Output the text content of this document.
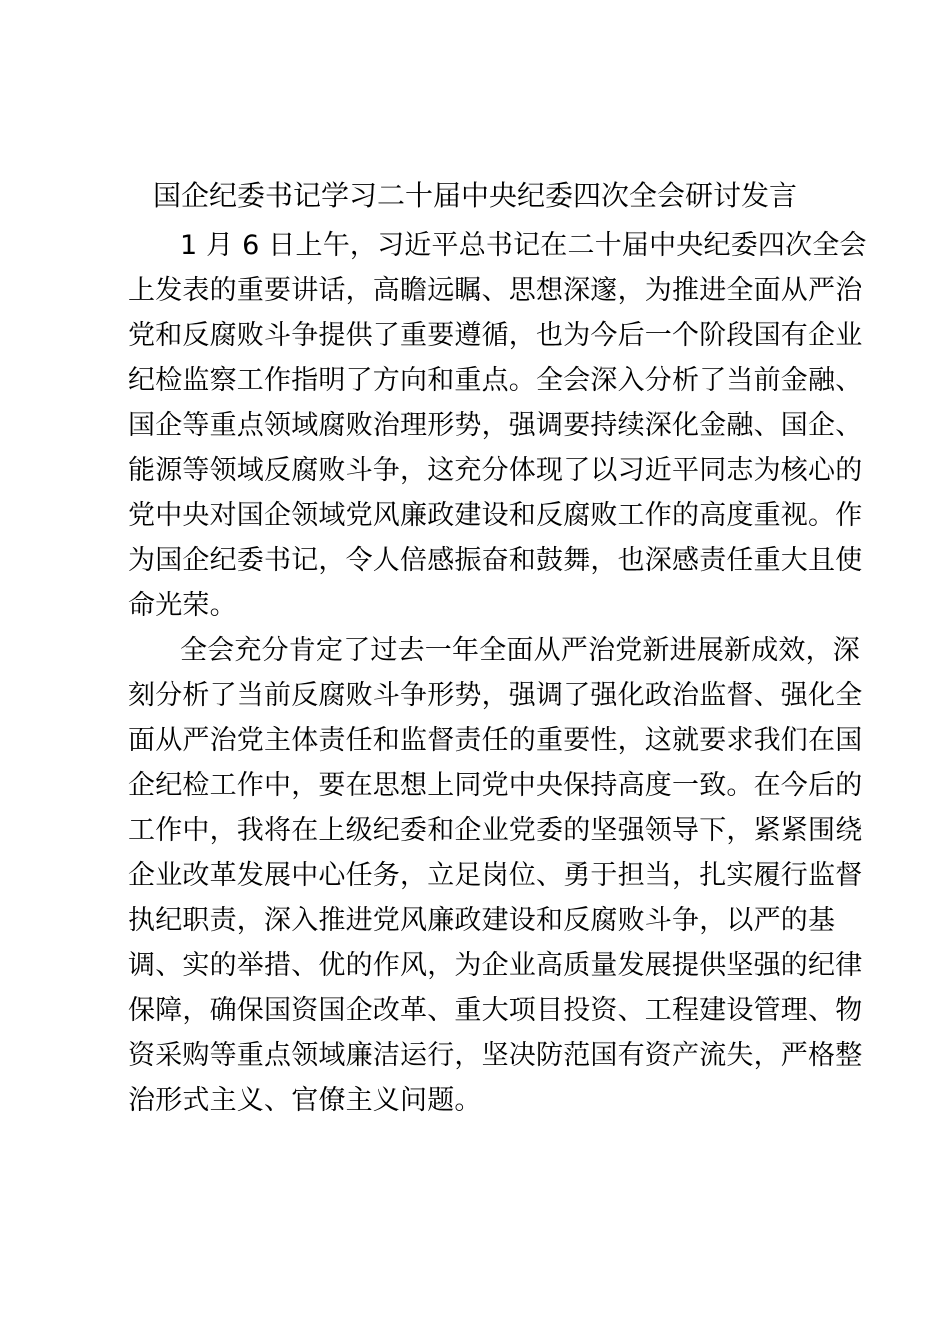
国企纪委书记学习二十届中央纪委四次全会研讨发言
1 月 6 日上午，习近平总书记在二十届中央纪委四次全会
上发表的重要讲话，高瞻远瞩、思想深邃，为推进全面从严治
党和反腐败斗争提供了重要遵循，也为今后一个阶段国有企业
纪检监察工作指明了方向和重点。全会深入分析了当前金融、
国企等重点领域腐败治理形势，强调要持续深化金融、国企、
能源等领域反腐败斗争，这充分体现了以习近平同志为核心的
党中央对国企领域党风廉政建设和反腐败工作的高度重视。作
为国企纪委书记，令人倍感振奋和鼓舞，也深感责任重大且使
命光荣。
全会充分肯定了过去一年全面从严治党新进展新成效，深
刻分析了当前反腐败斗争形势，强调了强化政治监督、强化全
面从严治党主体责任和监督责任的重要性，这就要求我们在国
企纪检工作中，要在思想上同党中央保持高度一致。在今后的
工作中，我将在上级纪委和企业党委的坚强领导下，紧紧围绕
企业改革发展中心任务，立足岗位、勇于担当，扎实履行监督
执纪职责，深入推进党风廉政建设和反腐败斗争，以严的基
调、实的举措、优的作风，为企业高质量发展提供坚强的纪律
保障，确保国资国企改革、重大项目投资、工程建设管理、物
资采购等重点领域廉洁运行，坚决防范国有资产流失，严格整
治形式主义、官僚主义问题。
